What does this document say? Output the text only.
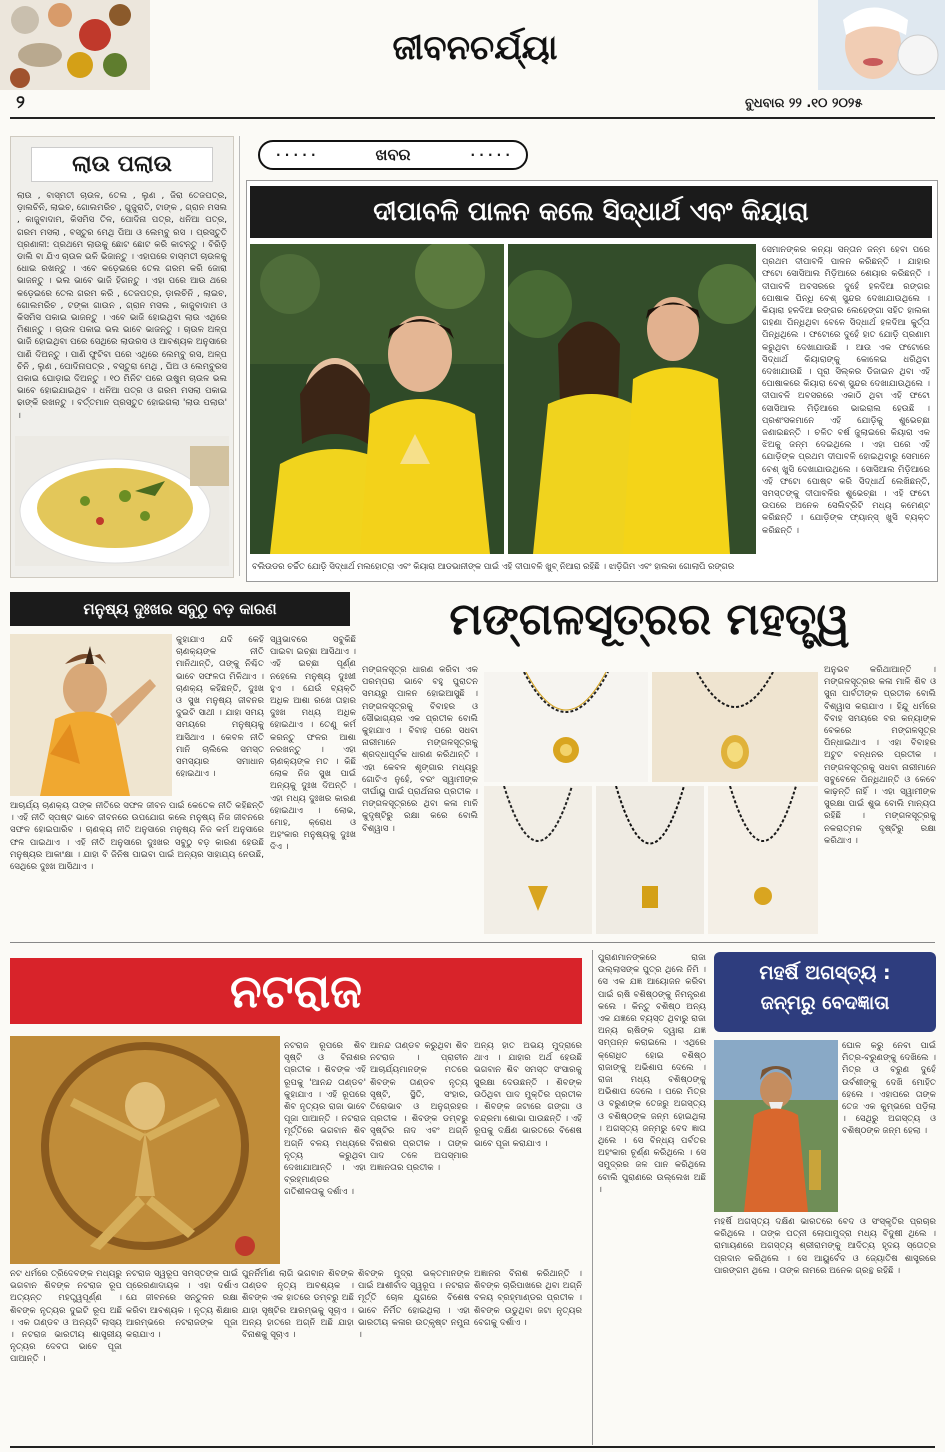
ଜୀବନଚର୍ଯ୍ୟା
୨	ବୁଧବାର ୨୨ .୧୦ ୨୦୨୫
ଲାଉ ପଲାଉ
ଲାଉ , ବାସ୍ମତୀ ଚାଉଳ, ତେଲ , ଲୁଣ , ଜିରା ତେଜପତ୍ର, ଡ଼ାଲଚିନି, ଲାଇଚ, ଗୋଲମରିଚ , ଗୁଜୁରାତି, ଟାଙ୍କ , ଗ୍ରାନ ମସଲ , କାଜୁବାଦାମ, କିସମିସ ତିଳ, ପୋଦିନା ପତ୍ର, ଧନିଆ ପତ୍ର, ଗରମ ମସଲା , ବସ୍ତୁର ମେଥି ପିଆ ଓ ଲେମ୍ବୁ ରସ । ପ୍ରସ୍ତୁତି ପ୍ରଣାଳୀ: ପ୍ରଥମେ ଲାଉକୁ ଛୋଟ ଛୋଟ କରି କାଟନ୍ତୁ । ବିରିଡ଼ି ଡାଲି ବା ଯିଏ ଚାଉଳ ଭଳି ଭିଜାନ୍ତୁ । ଏହାପରେ ବାସ୍ମତୀ ଚାଉଳକୁ ଧୋଇ ରଖନ୍ତୁ । ଏବେ କଡ଼େଇରେ ତେଲ ଗରମ କରି ଜୋରା ଭାଜନ୍ତୁ । ଭଲ ଭାବେ ଭାଜି ହିଗନ୍ତୁ । ଏହା ପରେ ଆଉ ଥରେ କଡ଼େଇରେ ତେଲ ଗରମ କରି , ତେଜପତ୍ର, ଡ଼ାଲଚିନି , ଲାଇଚ, ଗୋଲମରିଚ , ଟଙ୍କା ଗାଉନ , ଗ୍ରାନ ମସଲ , କାଜୁବାଦାମ ଓ କିସମିସ ପକାଇ ଭାଜନ୍ତୁ । ଏବେ ଭାଜି ହୋଇଥିବା ଲାଉ ଏଥିରେ ମିଶାନ୍ତୁ । ଚାଉଳ ପକାଇ ଭଲ ଭାବେ ଭାଜନ୍ତୁ । ଚାଉଳ ଅଳ୍ପ ଭାଜି ହୋଇଥିବା ପରେ ସେଥିରେ ଲାଉରସ ଓ ଆବଶ୍ୟକ ଅନୁସାରେ ପାଣି ଦିଅନ୍ତୁ । ପାଣି ଫୁଟିବା ପରେ ଏଥିରେ ଲେମ୍ବୁ ରସ, ଅଳ୍ପ ଚିନି , ଲୁଣ , ପୋଦିନାପତ୍ର , ବସ୍ତୁରା ମେଥି , ଘିଅ ଓ ଲେମ୍ବୁରସ ପକାଇ ଘୋଡ଼ାଇ ଦିଅନ୍ତୁ । ୧୦ ମିନିଟ ପରେ ଉଷୁମ ଚାଉଳ ଭଲ ଭାବେ ହୋଇଯାଇଥିବ । ଧନିଆ ପତ୍ର ଓ ଗରମ ମସଲା ପକାଇ ଢାଙ୍କି ରଖନ୍ତୁ । ବର୍ତ୍ତମାନ ପ୍ରସ୍ତୁତ ହୋଇଗଲା 'ଲାଉ ପଲାଉ' ।
· · · · ·	ଖବର	· · · · ·
ଦୀପାବଳି ପାଳନ କଲେ ସିଦ୍ଧାର୍ଥ ଏବଂ କିୟାରା
ବଲିଉଡର ଚର୍ଚ୍ଚିତ ଯୋଡ଼ି ସିଦ୍ଧାର୍ଥ ମଲହୋତ୍ରା ଏବଂ କିୟାରା ଆଡଭାନୀଙ୍କ ପାଇଁ ଏହି ଦୀପାବଳି ଖୁବ୍ ନିଆରା ରହିଛି । ଝାଡ଼ିଗିମ ଏବଂ ହାଲକା ଗୋଲାପି ରଙ୍ଗର
ସେମାନଙ୍କର କନ୍ୟା ସନ୍ତାନ ଜନ୍ମ ହେବା ପରେ ପ୍ରଥମ ଦୀପାବଳି ପାଳନ କରିଛନ୍ତି । ଯାହାର ଫଟୋ ସୋସିଆଲ ମିଡ଼ିଆରେ ଶେୟାର କରିଛନ୍ତି । ଦୀପାବଳି ଅବସରରେ ଦୁହେଁ ହଳଦିଆ ରଙ୍ଗର ପୋଷାକ ପିନ୍ଧି ବେଶ୍ ସୁନ୍ଦର ଦେଖାଯାଉଥିଲେ । କିୟାରା ହଳଦିଆ ରଙ୍ଗର ଲେହେଙ୍ଗା ସହିତ ହାଲକା ଗହଣା ପିନ୍ଧିଥିବା ବେଳେ ସିଦ୍ଧାର୍ଥ ହଳଦିଆ କୁର୍ତ୍ତା ପିନ୍ଧିଥିଲେ । ଫଟୋରେ ଦୁହେଁ ହାତ ଯୋଡ଼ି ପ୍ରଣାମ କରୁଥିବା ଦେଖାଯାଉଛି । ଆଉ ଏକ ଫଟୋରେ ସିଦ୍ଧାର୍ଥ କିୟାରାଙ୍କୁ କୋଳେଇ ଧରିଥିବା ଦେଖାଯାଉଛି । ପୂରା ସିଲ୍କର ଡିଜାଇନ ଥିବା ଏହି ପୋଷାକରେ କିୟାରା ବେଶ୍ ସୁନ୍ଦର ଦେଖାଯାଉଥିଲେ । ଦୀପାବଳି ଅବସରରେ ଏକାଠି ଥିବା ଏହି ଫଟୋ ସୋସିଆଲ ମିଡ଼ିଆରେ ଭାଇରାଲ ହେଉଛି । ପ୍ରଶଂସକମାନେ ଏହି ଯୋଡ଼ିକୁ ଶୁଭେଚ୍ଛା ଜଣାଇଛନ୍ତି । ଚଳିତ ବର୍ଷ ଜୁଲାଇରେ କିୟାରା ଏକ ଝିଅକୁ ଜନ୍ମ ଦେଇଥିଲେ । ଏହା ପରେ ଏହି ଯୋଡ଼ିଙ୍କ ପ୍ରଥମ ଦୀପାବଳି ହୋଇଥିବାରୁ ସେମାନେ ବେଶ୍ ଖୁସି ଦେଖାଯାଉଥିଲେ । ସୋସିଆଲ ମିଡ଼ିଆରେ ଏହି ଫଟୋ ପୋଷ୍ଟ କରି ସିଦ୍ଧାର୍ଥ ଲେଖିଛନ୍ତି, ସମସ୍ତଙ୍କୁ ଦୀପାବଳିର ଶୁଭେଚ୍ଛା । ଏହି ଫଟୋ ଉପରେ ଅନେକ ସେଲିବ୍ରିଟି ମଧ୍ୟ କମେଣ୍ଟ କରିଛନ୍ତି । ଯୋଡ଼ିଙ୍କ ଫ୍ୟାନ୍ସ୍ ଖୁସି ବ୍ୟକ୍ତ କରିଛନ୍ତି ।
ମନୁଷ୍ୟ ଦୁଃଖର ସବୁଠୁ ବଡ଼ କାରଣ
କୁହାଯାଏ ଯଦି କେହି ଚାଣକ୍ୟଙ୍କ ନୀତି ମାନିଥାନ୍ତି, ତାଙ୍କୁ ନିଶ୍ଚିତ ଭାବେ ସଫଳତା ମିଳିଥାଏ । ଚାଣକ୍ୟ କହିଛନ୍ତି, ଦୁଃଖ ଓ ସୁଖ ମନୁଷ୍ୟ ଜୀବନର ଦୁଇଟି ସାଥୀ । ଯାହା ସମୟ ସମୟରେ ମନୁଷ୍ୟକୁ ଆସିଥାଏ । କେବଳ ନୀତି ମାନି ଚାଲିଲେ ସମସ୍ତ ସମସ୍ୟାର ସମାଧାନ ହୋଇଥାଏ ।
ଆଚାର୍ଯ୍ୟ ଚାଣକ୍ୟ ତାଙ୍କ ନୀତିରେ ସଫଳ ଜୀବନ ପାଇଁ କେତେକ ନୀତି କହିଛନ୍ତି । ଏହି ନୀତି ସ୍ପଷ୍ଟ ଭାବେ ଜୀବନରେ ଉପଯୋଗ କଲେ ମନୁଷ୍ୟ ନିଜ ଜୀବନରେ ସଫଳ ହୋଇପାରିବ । ଚାଣକ୍ୟ ନୀତି ଅନୁସାରେ ମନୁଷ୍ୟ ନିଜ କର୍ମ ଅନୁସାରେ ଫଳ ପାଇଥାଏ । ଏହି ନୀତି ଅନୁସାରେ ଦୁଃଖର ସବୁଠୁ ବଡ଼ କାରଣ ହେଉଛି ମନୁଷ୍ୟର ଆକାଂକ୍ଷା । ଯାହା ବି ଜିନିଷ ପାଇବା ପାଇଁ ଅନ୍ୟର ସାହାଯ୍ୟ ନେଉଛି, ସେଥିରେ ଦୁଃଖ ଆସିଥାଏ ।
ସ୍ୱଭାବରେ ସବୁକିଛି ପାଇବା ଇଚ୍ଛା ଆସିଥାଏ । ଏହି ଇଚ୍ଛା ପୂର୍ଣ୍ଣ ନହେଲେ ମନୁଷ୍ୟ ଦୁଃଖୀ ହୁଏ । ଯେଉଁ ବ୍ୟକ୍ତି ଅଧିକ ଆଶା ରଖେ ତାହାର ଦୁଃଖ ମଧ୍ୟ ଅଧିକ ହୋଇଥାଏ । ତେଣୁ କର୍ମ କରନ୍ତୁ ଫଳର ଆଶା ନରଖନ୍ତୁ । ଏହା ଚାଣକ୍ୟଙ୍କ ମତ । କିଛି ଲୋକ ନିଜ ସୁଖ ପାଇଁ ଅନ୍ୟକୁ ଦୁଃଖ ଦିଅନ୍ତି । ଏହା ମଧ୍ୟ ଦୁଃଖର କାରଣ ହୋଇଥାଏ । ଲୋଭ, ମୋହ, କ୍ରୋଧ ଓ ଅହଂକାର ମନୁଷ୍ୟକୁ ଦୁଃଖ ଦିଏ ।
ମଙ୍ଗଳସୂତ୍ରର ମହତ୍ତ୍ୱ
ମଙ୍ଗଳସୂତ୍ର ଧାରଣ କରିବା ଏକ ପରମ୍ପରା ଭାବେ ବହୁ ପୁରାତନ ସମୟରୁ ପାଳନ ହୋଇଆସୁଛି । ମଙ୍ଗଳସୂତ୍ରକୁ ବିବାହର ଓ ସୌଭାଗ୍ୟର ଏକ ପ୍ରତୀକ ବୋଲି କୁହାଯାଏ । ବିବାହ ପରେ ସଧବା ନାରୀମାନେ ମଙ୍ଗଳସୂତ୍ରକୁ ଶ୍ରଦ୍ଧାପୂର୍ବକ ଧାରଣ କରିଥାନ୍ତି । ଏହା କେବଳ ଶୃଙ୍ଗାର ମଧ୍ୟରୁ ଗୋଟିଏ ନୁହେଁ, ବରଂ ସ୍ୱାମୀଙ୍କ ଦୀର୍ଘାୟୁ ପାଇଁ ପ୍ରାର୍ଥନାର ପ୍ରତୀକ । ମଙ୍ଗଳସୂତ୍ରରେ ଥିବା କଳା ମାଳି କୁଦୃଷ୍ଟିରୁ ରକ୍ଷା କରେ ବୋଲି ବିଶ୍ୱାସ ।
ଅନୁଭବ କରିଥାଆନ୍ତି । ମଙ୍ଗଳସୂତ୍ରର କଳା ମାଳି ଶିବ ଓ ସୁନା ପାର୍ବତୀଙ୍କ ପ୍ରତୀକ ବୋଲି ବିଶ୍ୱାସ କରାଯାଏ । ହିନ୍ଦୁ ଧର୍ମରେ ବିବାହ ସମୟରେ ବର କନ୍ୟାଙ୍କ ବେକରେ ମଙ୍ଗଳସୂତ୍ର ପିନ୍ଧାଇଥାଏ । ଏହା ବିବାହର ଅଟୁଟ ବନ୍ଧନର ପ୍ରତୀକ । ମଙ୍ଗଳସୂତ୍ରକୁ ସଧବା ନାରୀମାନେ ସବୁବେଳେ ପିନ୍ଧିଥାନ୍ତି ଓ କେବେ କାଢ଼ନ୍ତି ନାହିଁ । ଏହା ସ୍ୱାମୀଙ୍କ ସୁରକ୍ଷା ପାଇଁ ଶୁଭ ବୋଲି ମାନ୍ୟତା ରହିଛି । ମଙ୍ଗଳସୂତ୍ରକୁ ନକରାତ୍ମକ ଦୃଷ୍ଟିରୁ ରକ୍ଷା କରିଥାଏ ।
ନଟରାଜ
ନଟରାଜ ରୂପରେ ଶିବ ସୃଷ୍ଟି ଓ ବିନାଶର ପ୍ରତୀକ । ଶିବଙ୍କ ଏହି ରୂପକୁ 'ଆନନ୍ଦ ତାଣ୍ଡବ' କୁହାଯାଏ । ଏହି ରୂପରେ ଶିବ ନୃତ୍ୟର ରାଜା ଭାବେ ପୂଜା ପାଆନ୍ତି । ନଟରାଜ ମୂର୍ତ୍ତିରେ ଭଗବାନ ଶିବ ଅଗ୍ନି ବଳୟ ମଧ୍ୟରେ ନୃତ୍ୟ କରୁଥିବା ଦେଖାଯାଆନ୍ତି । ଏହା ବ୍ରହ୍ମାଣ୍ଡର ଗତିଶୀଳତାକୁ ଦର୍ଶାଏ ।
ଆନନ୍ଦ ତାଣ୍ଡବ କରୁଥିବା ଶିବ ନଟରାଜ । ପ୍ରାଚୀନ ଆଚାର୍ଯ୍ୟମାନଙ୍କ ମତରେ ଶିବଙ୍କ ତାଣ୍ଡବ ନୃତ୍ୟ ସୃଷ୍ଟି, ସ୍ଥିତି, ସଂହାର, ତିରୋଭାବ ଓ ଅନୁଗ୍ରହର ପ୍ରତୀକ । ଶିବଙ୍କ ଡମ୍ବରୁ ସୃଷ୍ଟିର ନାଦ ଏବଂ ଅଗ୍ନି ବିନାଶର ପ୍ରତୀକ । ତାଙ୍କ ପାଦ ତଳେ ଅପସ୍ମାର ଅଜ୍ଞାନତାର ପ୍ରତୀକ ।
ଅନ୍ୟ ହାତ ଅଭୟ ମୁଦ୍ରାରେ ଥାଏ । ଯାହାର ଅର୍ଥ ହେଉଛି ଭଗବାନ ଶିବ ସମସ୍ତ ସଂସାରକୁ ସୁରକ୍ଷା ଦେଉଛନ୍ତି । ଶିବଙ୍କ ଉଠିଥିବା ପାଦ ମୁକ୍ତିର ପ୍ରତୀକ । ଶିବଙ୍କ ଜଟାରେ ଗଙ୍ଗା ଓ ଚନ୍ଦ୍ରମା ଶୋଭା ପାଉଛନ୍ତି । ଏହି ରୂପକୁ ଦକ୍ଷିଣ ଭାରତରେ ବିଶେଷ ଭାବେ ପୂଜା କରାଯାଏ ।
ନଟ ଧର୍ମରେ ତ୍ରିଦେବଙ୍କ ମଧ୍ୟରୁ ଭଗବାନ ଶିବଙ୍କ ନଟରାଜ ରୂପ ଅତ୍ୟନ୍ତ ମହତ୍ତ୍ୱପୂର୍ଣ୍ଣ । ଶିବଙ୍କ ନୃତ୍ୟର ଦୁଇଟି ରୂପ ଅଛି । ଏକ ତାଣ୍ଡବ ଓ ଅନ୍ୟଟି ଲାସ୍ୟ । ନଟରାଜ ଭାରତୀୟ ଶାସ୍ତ୍ରୀୟ ନୃତ୍ୟର ଦେବତା ଭାବେ ପୂଜା ପାଆନ୍ତି ।
ନଟରାଜ ସ୍ୱରୂପ ସମସ୍ତଙ୍କ ପାଇଁ ପ୍ରେରଣାଦାୟକ । ଏହା ଦର୍ଶାଏ ଯେ ଜୀବନରେ ସନ୍ତୁଳନ ରକ୍ଷା କରିବା ଆବଶ୍ୟକ । ନୃତ୍ୟ ଶିକ୍ଷାର ଆରମ୍ଭରେ ନଟରାଜଙ୍କ ପୂଜା କରାଯାଏ ।
ପୁନର୍ନିର୍ମାଣ ଲାଗି ଭଗବାନ ଶିବଙ୍କ ତାଣ୍ଡବ ନୃତ୍ୟ ଆବଶ୍ୟକ । ଶିବଙ୍କ ଏକ ହାତରେ ଡମ୍ବରୁ ଅଛି ଯାହା ସୃଷ୍ଟିର ଆରମ୍ଭକୁ ସୂଚାଏ । ଅନ୍ୟ ହାତରେ ଅଗ୍ନି ଅଛି ଯାହା ବିନାଶକୁ ସୂଚାଏ ।
ଶିବଙ୍କ ମୁଦ୍ରା ଭକ୍ତମାନଙ୍କ ପାଇଁ ଆଶୀର୍ବାଦ ସ୍ୱରୂପ । ନଟରାଜ ମୂର୍ତ୍ତି ଚୋଳ ଯୁଗରେ ବିଶେଷ ଭାବେ ନିର୍ମିତ ହୋଇଥିଲା । ଏହା ଭାରତୀୟ କଳାର ଉତ୍କୃଷ୍ଟ ନମୁନା ।
ଅଜ୍ଞାନର ବିନାଶ କରିଥାନ୍ତି । ଶିବଙ୍କ ଚାରିପାଖରେ ଥିବା ଅଗ୍ନି ବଳୟ ବ୍ରହ୍ମାଣ୍ଡର ପ୍ରତୀକ । ଶିବଙ୍କ ଉଡୁଥିବା ଜଟା ନୃତ୍ୟର ବେଗକୁ ଦର୍ଶାଏ ।
ପୁରାଣମାନଙ୍କରେ ରାଜା ଉଲ୍ଲାସଙ୍କ ପୁତ୍ର ଥିଲେ ନିମି । ସେ ଏକ ଯଜ୍ଞ ଆୟୋଜନ କରିବା ପାଇଁ ଋଷି ବଶିଷ୍ଠଙ୍କୁ ନିମନ୍ତ୍ରଣ କଲେ । କିନ୍ତୁ ବଶିଷ୍ଠ ଅନ୍ୟ ଏକ ଯଜ୍ଞରେ ବ୍ୟସ୍ତ ଥିବାରୁ ରାଜା ଅନ୍ୟ ଋଷିଙ୍କ ଦ୍ୱାରା ଯଜ୍ଞ ସମ୍ପନ୍ନ କରାଇଲେ । ଏଥିରେ କ୍ରୋଧିତ ହୋଇ ବଶିଷ୍ଠ ରାଜାଙ୍କୁ ଅଭିଶାପ ଦେଲେ । ରାଜା ମଧ୍ୟ ବଶିଷ୍ଠଙ୍କୁ ଅଭିଶାପ ଦେଲେ । ପରେ ମିତ୍ର ଓ ବରୁଣଙ୍କ ତେଜରୁ ଅଗସ୍ତ୍ୟ ଓ ବଶିଷ୍ଠଙ୍କ ଜନ୍ମ ହୋଇଥିଲା । ଅଗସ୍ତ୍ୟ ଜନ୍ମରୁ ବେଦ ଜ୍ଞାତା ଥିଲେ । ସେ ବିନ୍ଧ୍ୟ ପର୍ବତର ଅହଂକାର ଚୂର୍ଣ୍ଣ କରିଥିଲେ । ସେ ସମୁଦ୍ରର ଜଳ ପାନ କରିଥିଲେ ବୋଲି ପୁରାଣରେ ଉଲ୍ଲେଖ ଅଛି ।
ମହର୍ଷି ଅଗସ୍ତ୍ୟ :
ଜନ୍ମରୁ ବେଦଜ୍ଞାତା
ଘୋଳ କରୁ ନେବା ପାଇଁ ମିତ୍ର-ବରୁଣଙ୍କୁ ଦେଖିଲେ । ମିତ୍ର ଓ ବରୁଣ ଦୁହେଁ ଉର୍ବଶୀଙ୍କୁ ଦେଖି ମୋହିତ ହେଲେ । ଏହାପରେ ତାଙ୍କ ତେଜ ଏକ କୁମ୍ଭରେ ପଡ଼ିଲା । ସେଥିରୁ ଅଗସ୍ତ୍ୟ ଓ ବଶିଷ୍ଠଙ୍କ ଜନ୍ମ ହେଲା ।
ମହର୍ଷି ଅଗସ୍ତ୍ୟ ଦକ୍ଷିଣ ଭାରତରେ ବେଦ ଓ ସଂସ୍କୃତିର ପ୍ରଚାର କରିଥିଲେ । ତାଙ୍କ ପତ୍ନୀ ଲୋପାମୁଦ୍ରା ମଧ୍ୟ ବିଦୁଷୀ ଥିଲେ । ରାମାୟଣରେ ଅଗସ୍ତ୍ୟ ଶ୍ରୀରାମଙ୍କୁ ଆଦିତ୍ୟ ହୃଦୟ ସ୍ତୋତ୍ର ପ୍ରଦାନ କରିଥିଲେ । ସେ ଆୟୁର୍ବେଦ ଓ ଜ୍ୟୋତିଷ ଶାସ୍ତ୍ରରେ ପାରଙ୍ଗମ ଥିଲେ । ତାଙ୍କ ନାମରେ ଅନେକ ଗ୍ରନ୍ଥ ରହିଛି ।
